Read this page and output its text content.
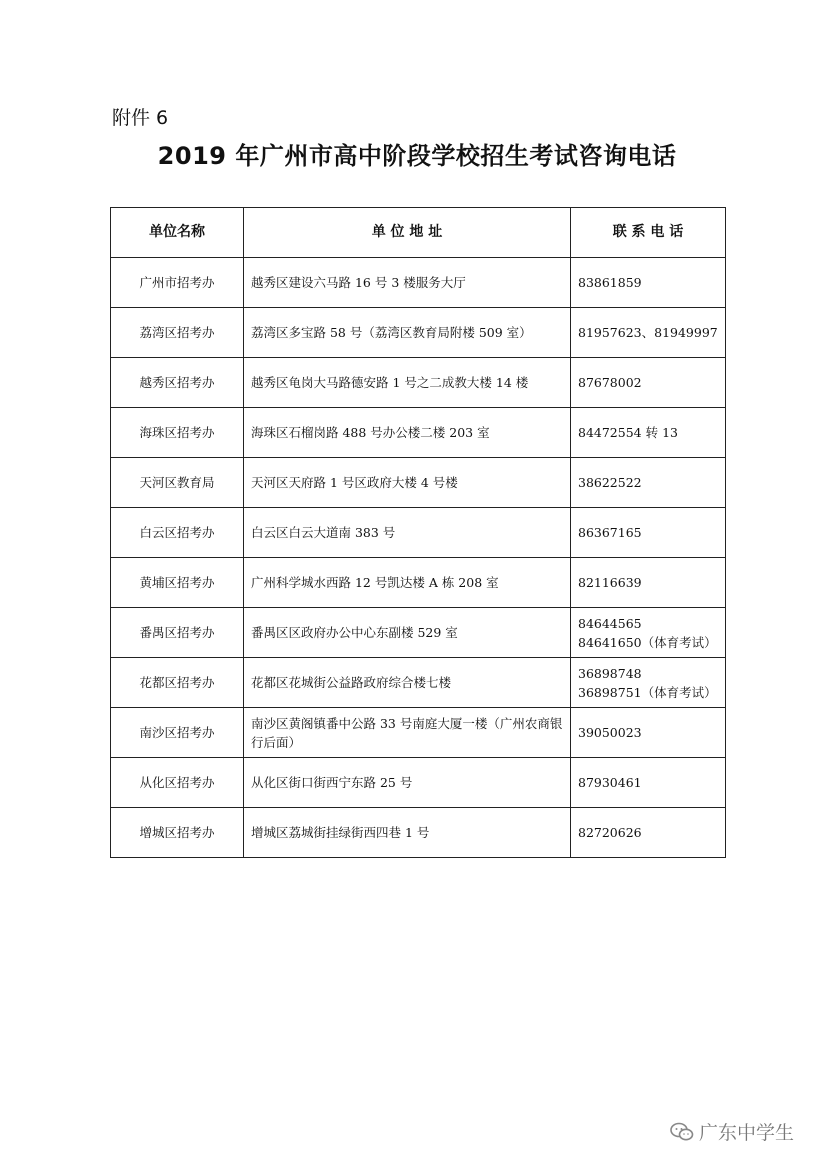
附件 6
2019 年广州市高中阶段学校招生考试咨询电话
单位名称	单 位 地 址	联 系 电 话
广州市招考办	越秀区建设六马路 16 号 3 楼服务大厅	83861859

荔湾区招考办	荔湾区多宝路 58 号（荔湾区教育局附楼 509 室）	81957623、81949997

越秀区招考办	越秀区龟岗大马路德安路 1 号之二成教大楼 14 楼	87678002

海珠区招考办	海珠区石榴岗路 488 号办公楼二楼 203 室	84472554 转 13

天河区教育局	天河区天府路 1 号区政府大楼 4 号楼	38622522

白云区招考办	白云区白云大道南 383 号	86367165

黄埔区招考办	广州科学城水西路 12 号凯达楼 A 栋 208 室	82116639

番禺区招考办	番禺区区政府办公中心东副楼 529 室	84644565
84641650（体育考试）

花都区招考办	花都区花城街公益路政府综合楼七楼	36898748
36898751（体育考试）

南沙区招考办	南沙区黄阁镇番中公路 33 号南庭大厦一楼（广州农商银行后面）	39050023

从化区招考办	从化区街口街西宁东路 25 号	87930461

增城区招考办	增城区荔城街挂绿街西四巷 1 号	82720626
广东中学生
